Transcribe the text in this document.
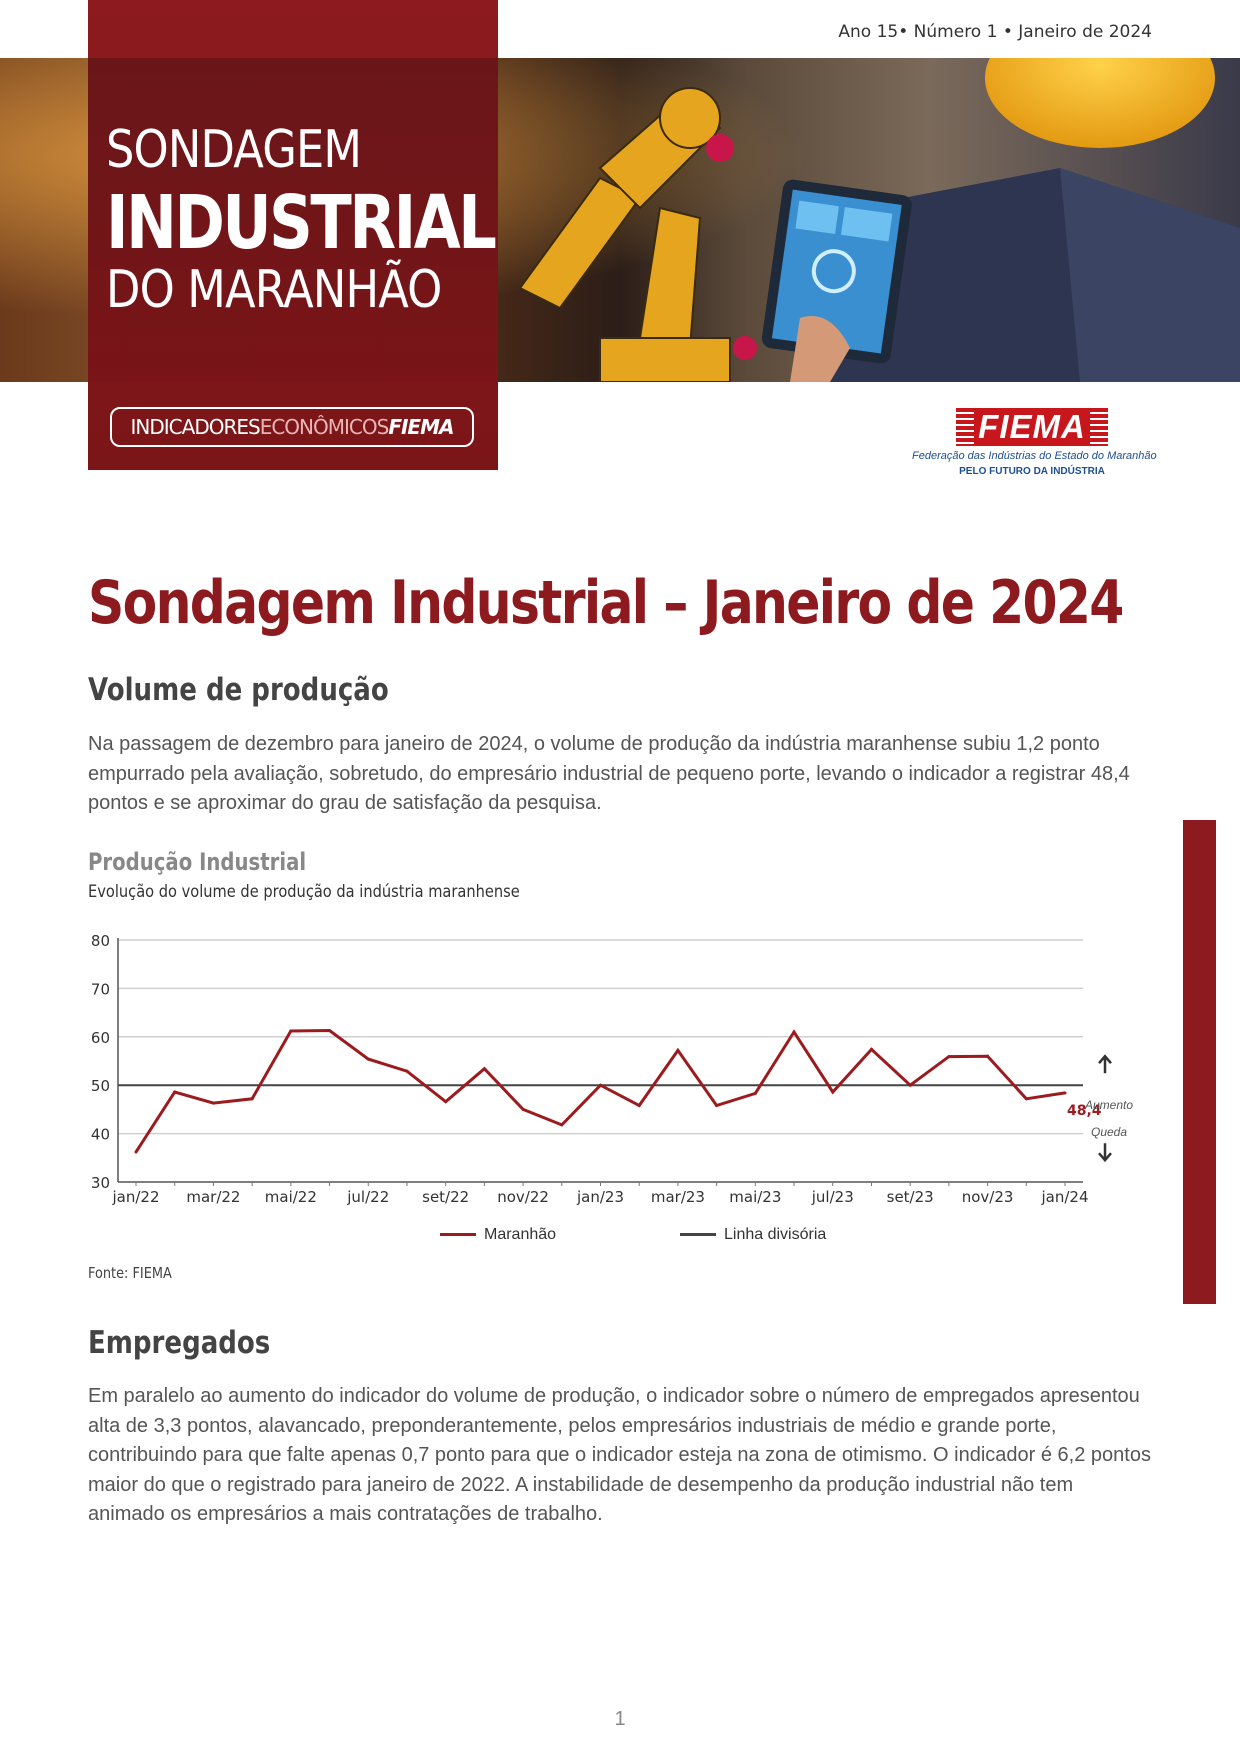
Ano 15• Número 1 • Janeiro de 2024
SONDAGEM
INDUSTRIAL
DO MARANHÃO
INDICADORESECONÔMICOSFIEMA	FIEMA
Federação das Indústrias do Estado do Maranhão
PELO FUTURO DA INDÚSTRIA
Sondagem Industrial – Janeiro de 2024
Volume de produção

Na passagem de dezembro para janeiro de 2024, o volume de produção da indústria maranhense subiu 1,2 ponto empurrado pela avaliação, sobretudo, do empresário industrial de pequeno porte, levando o indicador a registrar 48,4 pontos e se aproximar do grau de satisfação da pesquisa.

Produção Industrial
Evolução do volume de produção da indústria maranhense
30
40
50
60
70
80
jan/22 mar/22 mai/22 jul/22 set/22 nov/22 jan/23 mar/23 mai/23 jul/23 set/23 nov/23 jan/24
48,4
Aumento
Queda
Maranhão	Linha divisória
Fonte: FIEMA
Empregados

Em paralelo ao aumento do indicador do volume de produção, o indicador sobre o número de empregados apresentou alta de 3,3 pontos, alavancado, preponderantemente, pelos empresários industriais de médio e grande porte, contribuindo para que falte apenas 0,7 ponto para que o indicador esteja na zona de otimismo. O indicador é 6,2 pontos maior do que o registrado para janeiro de 2022. A instabilidade de desempenho da produção industrial não tem animado os empresários a mais contratações de trabalho.

1
